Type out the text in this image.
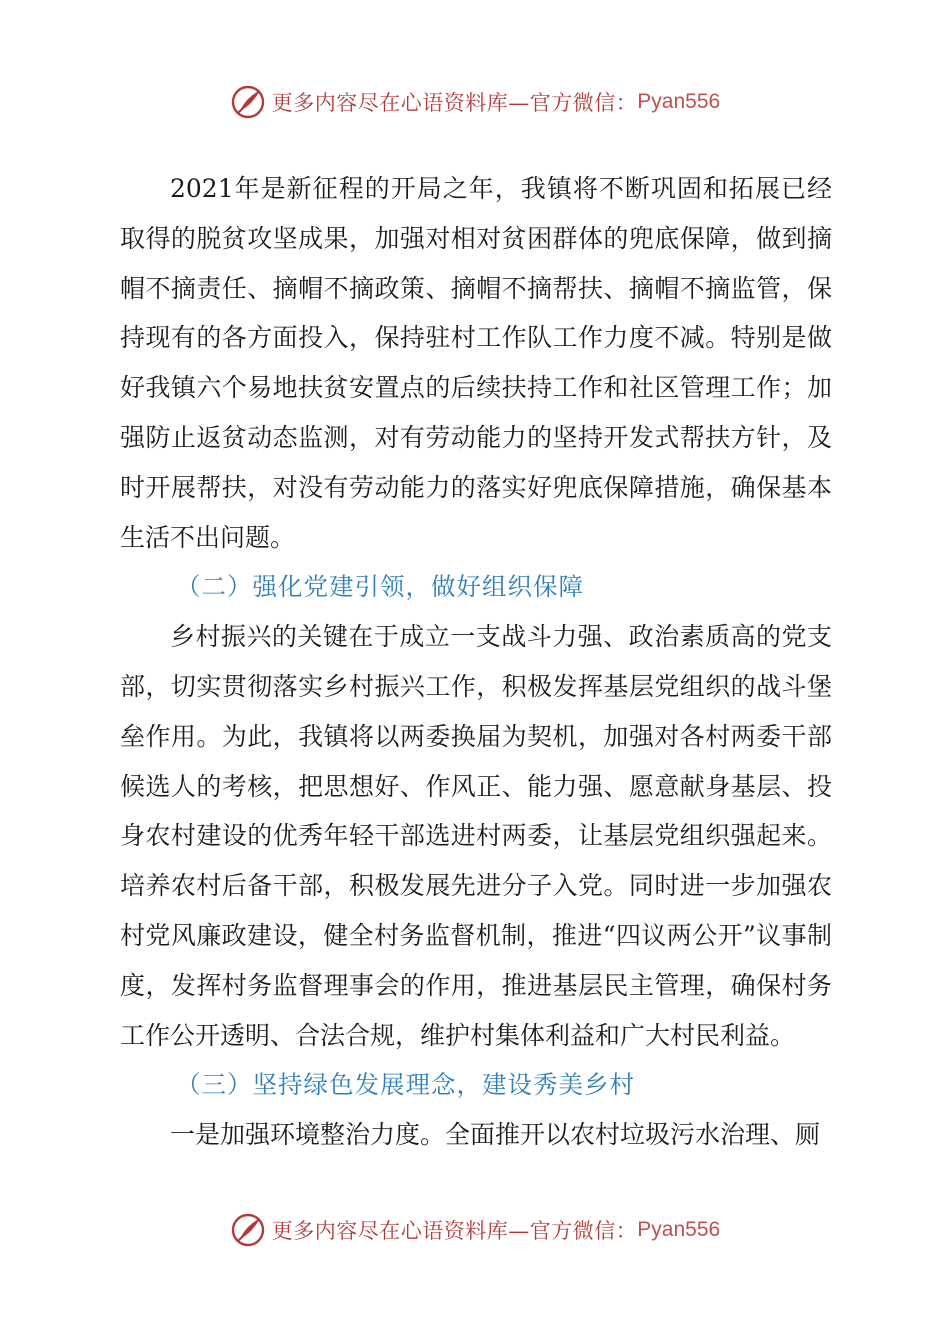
更多内容尽在心语资料库—官方微信： Pyan556

2021年是新征程的开局之年，我镇将不断巩固和拓展已经取得的脱贫攻坚成果，加强对相对贫困群体的兜底保障，做到摘帽不摘责任、摘帽不摘政策、摘帽不摘帮扶、摘帽不摘监管，保持现有的各方面投入，保持驻村工作队工作力度不减。特别是做好我镇六个易地扶贫安置点的后续扶持工作和社区管理工作；加强防止返贫动态监测，对有劳动能力的坚持开发式帮扶方针，及时开展帮扶，对没有劳动能力的落实好兜底保障措施，确保基本生活不出问题。

（二）强化党建引领，做好组织保障

乡村振兴的关键在于成立一支战斗力强、政治素质高的党支部，切实贯彻落实乡村振兴工作，积极发挥基层党组织的战斗堡垒作用。为此，我镇将以两委换届为契机，加强对各村两委干部候选人的考核，把思想好、作风正、能力强、愿意献身基层、投身农村建设的优秀年轻干部选进村两委，让基层党组织强起来。培养农村后备干部，积极发展先进分子入党。同时进一步加强农村党风廉政建设，健全村务监督机制，推进“四议两公开”议事制度，发挥村务监督理事会的作用，推进基层民主管理，确保村务工作公开透明、合法合规，维护村集体利益和广大村民利益。

（三）坚持绿色发展理念，建设秀美乡村

一是加强环境整治力度。全面推开以农村垃圾污水治理、厕

更多内容尽在心语资料库—官方微信： Pyan556
